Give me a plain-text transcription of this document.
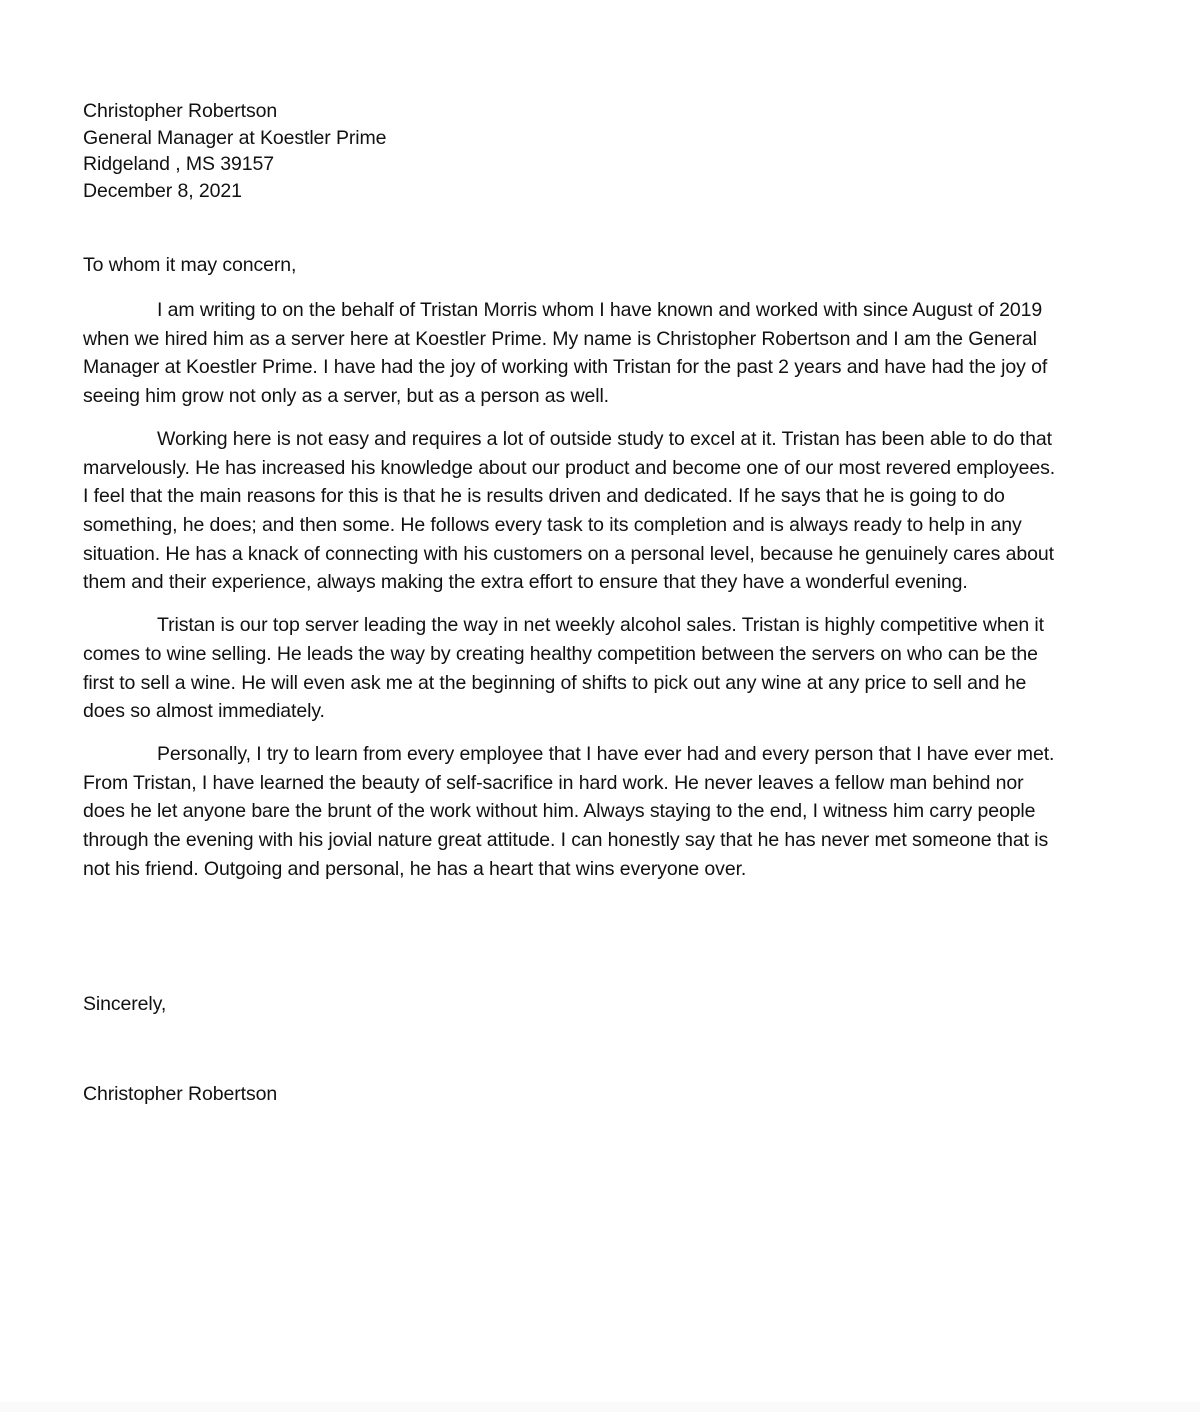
Christopher Robertson
General Manager at Koestler Prime
Ridgeland , MS 39157
December 8, 2021

To whom it may concern,

I am writing to on the behalf of Tristan Morris whom I have known and worked with since August of 2019 when we hired him as a server here at Koestler Prime. My name is Christopher Robertson and I am the General Manager at Koestler Prime. I have had the joy of working with Tristan for the past 2 years and have had the joy of seeing him grow not only as a server, but as a person as well.

Working here is not easy and requires a lot of outside study to excel at it. Tristan has been able to do that marvelously. He has increased his knowledge about our product and become one of our most revered employees. I feel that the main reasons for this is that he is results driven and dedicated. If he says that he is going to do something, he does; and then some. He follows every task to its completion and is always ready to help in any situation. He has a knack of connecting with his customers on a personal level, because he genuinely cares about them and their experience, always making the extra effort to ensure that they have a wonderful evening.

Tristan is our top server leading the way in net weekly alcohol sales. Tristan is highly competitive when it comes to wine selling. He leads the way by creating healthy competition between the servers on who can be the first to sell a wine. He will even ask me at the beginning of shifts to pick out any wine at any price to sell and he does so almost immediately.

Personally, I try to learn from every employee that I have ever had and every person that I have ever met. From Tristan, I have learned the beauty of self-sacrifice in hard work. He never leaves a fellow man behind nor does he let anyone bare the brunt of the work without him. Always staying to the end, I witness him carry people through the evening with his jovial nature great attitude. I can honestly say that he has never met someone that is not his friend. Outgoing and personal, he has a heart that wins everyone over.

Sincerely,

Christopher Robertson
